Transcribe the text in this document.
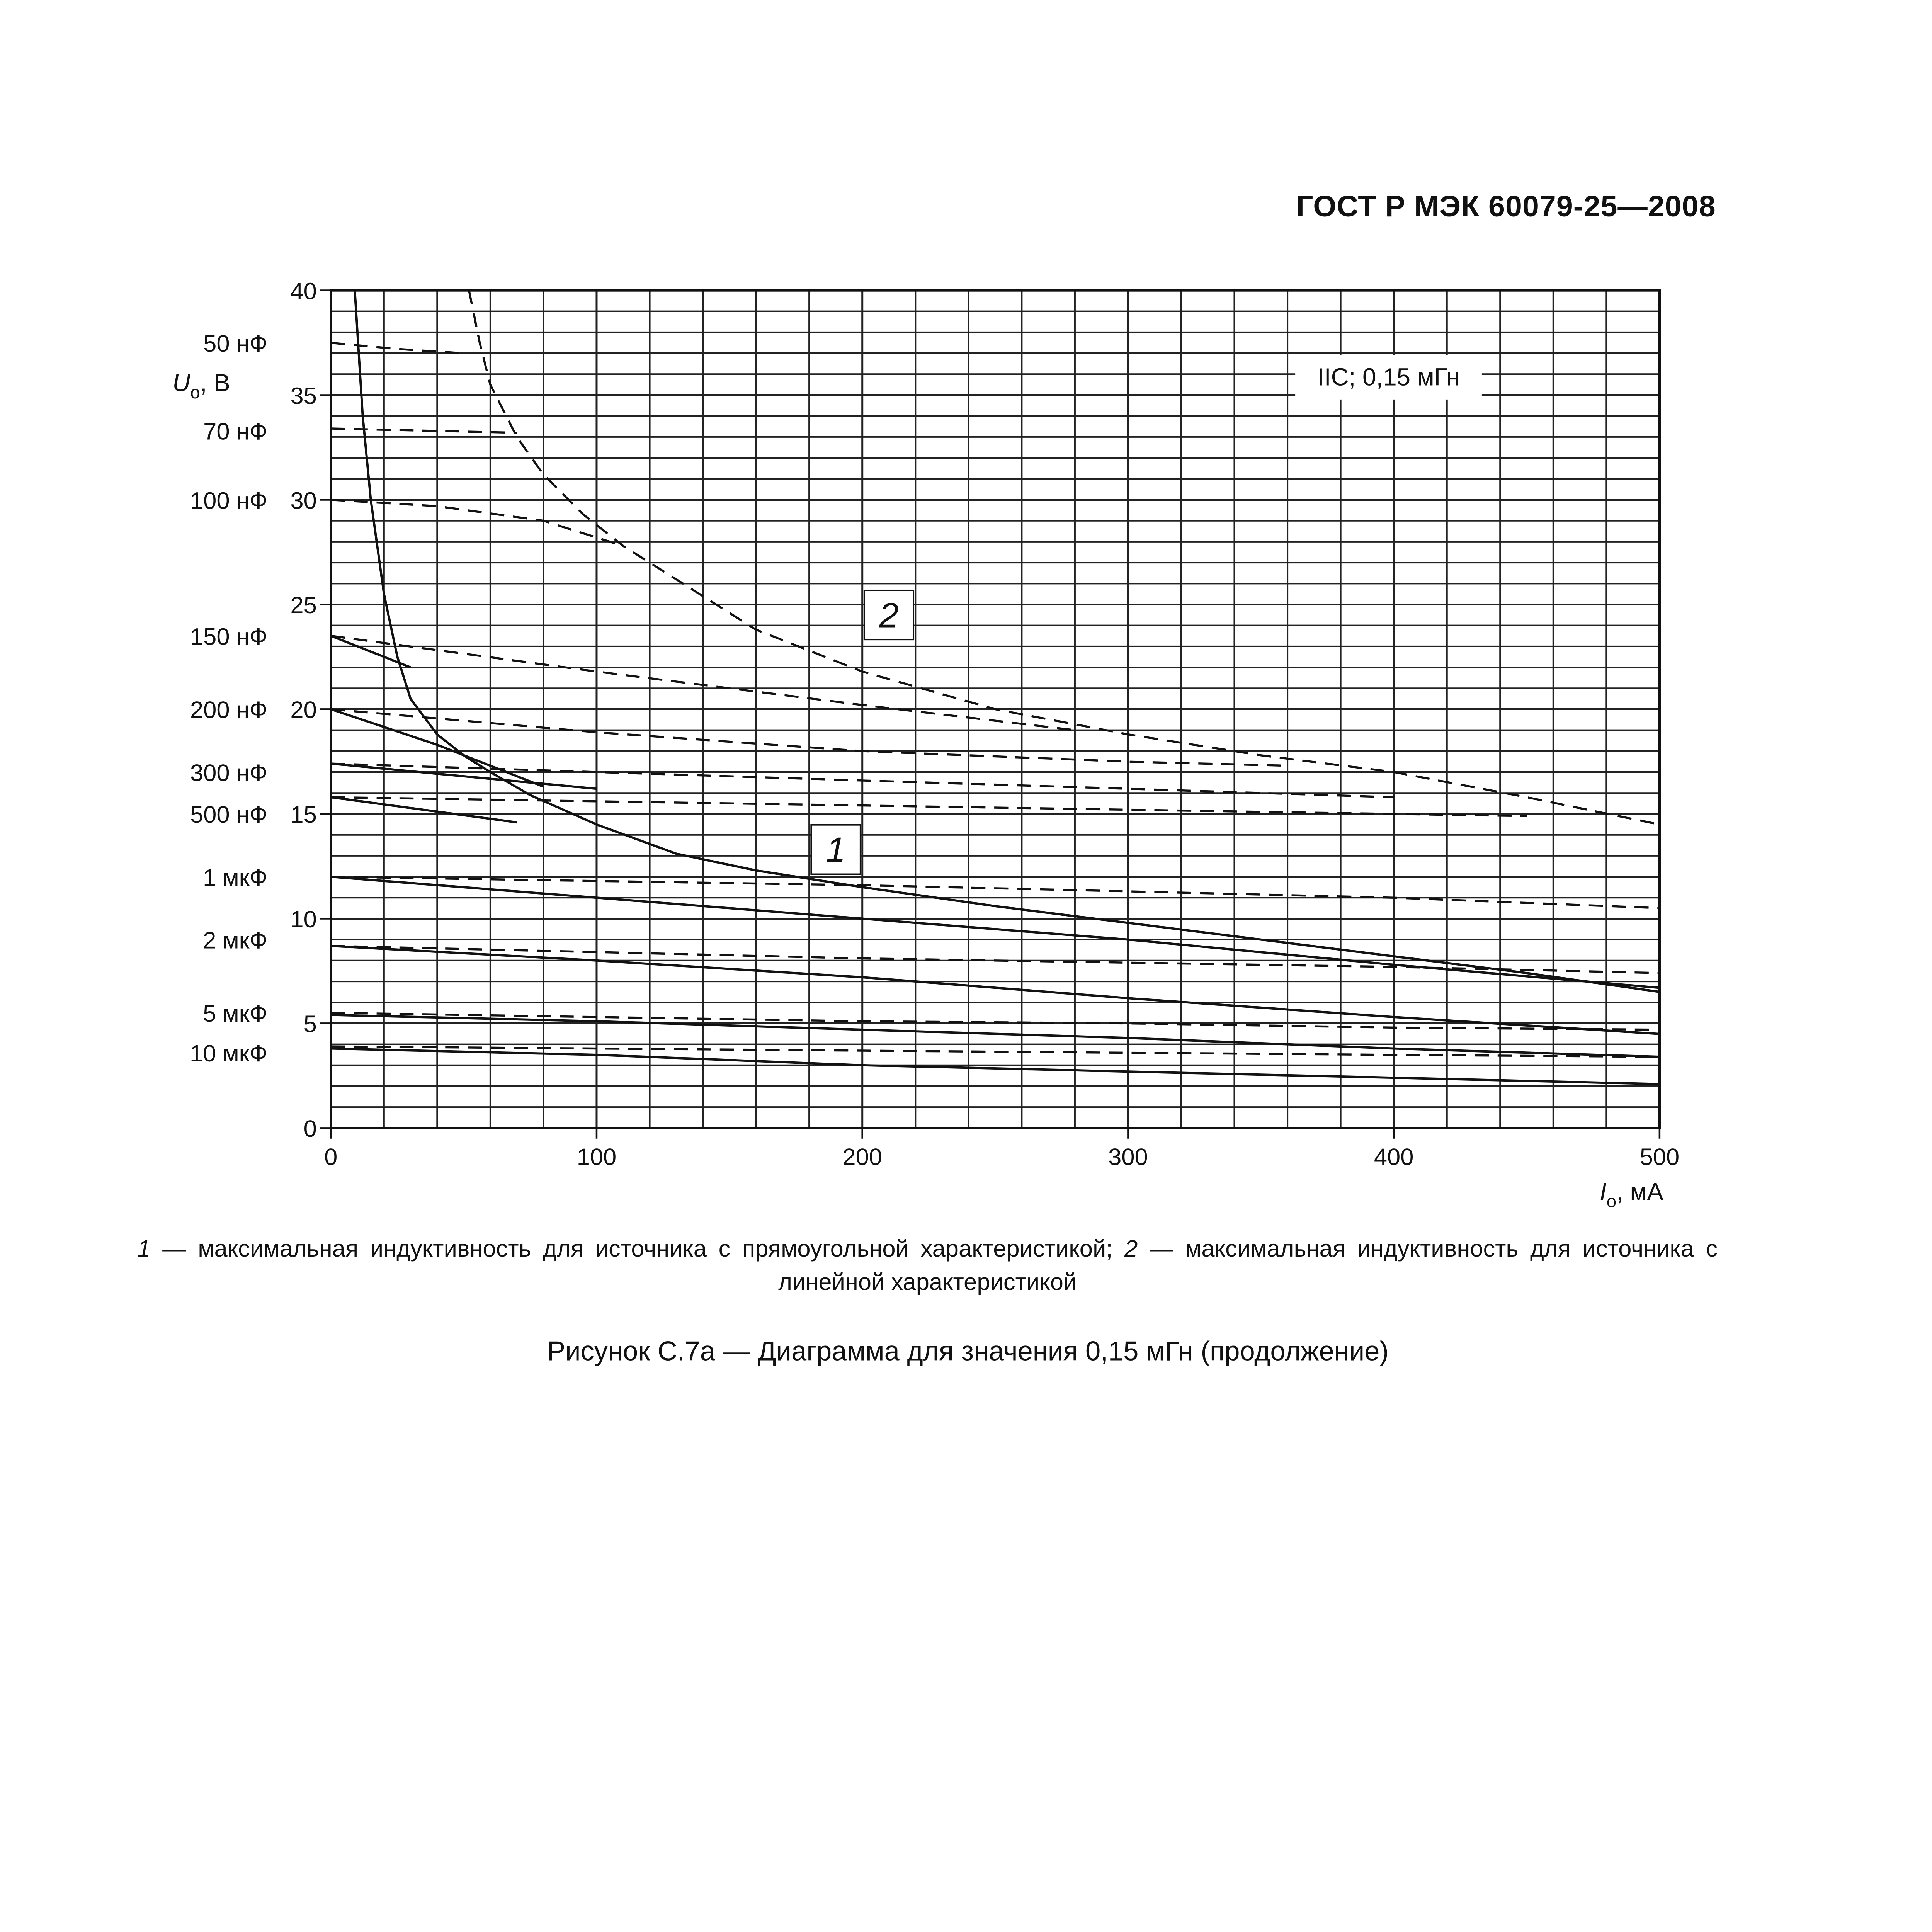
ГОСТ Р МЭК 60079-25—2008
0	100	200	300	400	500
0
5
10
15
20
25
30
35
40
50 нФ
70 нФ
100 нФ
150 нФ
200 нФ
300 нФ
500 нФ
1 мкФ
2 мкФ
5 мкФ
10 мкФ
$U_o$, В
$I_o$, мА
IIC; 0,15 мГн
2
1
1 — максимальная индуктивность для источника с прямоугольной характеристикой; 2 — максимальная индуктивность для источника с линейной характеристикой
Рисунок С.7а — Диаграмма для значения 0,15 мГн (продолжение)
